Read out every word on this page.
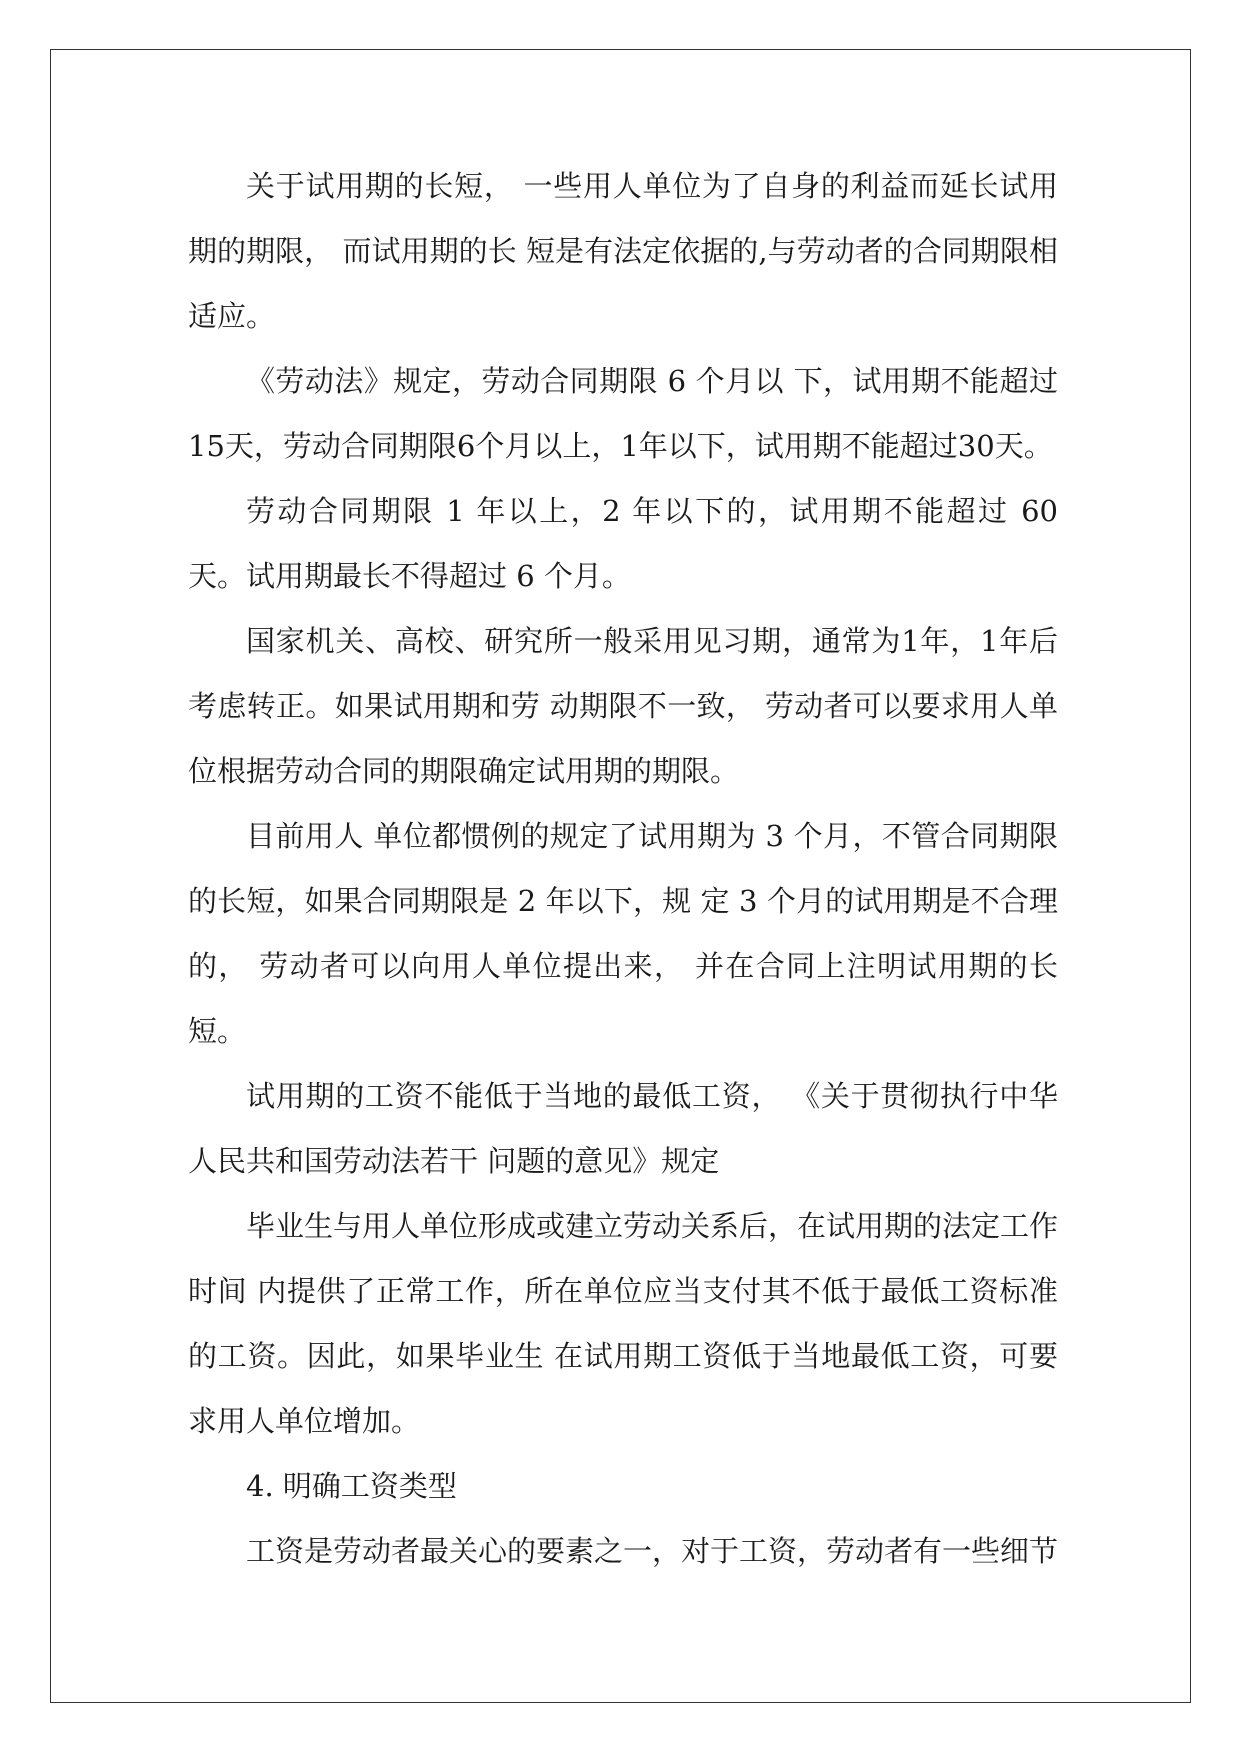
关于试用期的长短， 一些用人单位为了自身的利益而延长试用期的期限， 而试用期的长 短是有法定依据的,与劳动者的合同期限相适应。

《劳动法》规定，劳动合同期限 6 个月以 下，试用期不能超过15天，劳动合同期限6个月以上，1年以下，试用期不能超过30天。

劳动合同期限 1 年以上，2 年以下的，试用期不能超过 60 天。试用期最长不得超过 6 个月。

国家机关、高校、研究所一般采用见习期，通常为1年，1年后考虑转正。如果试用期和劳 动期限不一致， 劳动者可以要求用人单位根据劳动合同的期限确定试用期的期限。

目前用人 单位都惯例的规定了试用期为 3 个月，不管合同期限的长短，如果合同期限是 2 年以下，规 定 3 个月的试用期是不合理的， 劳动者可以向用人单位提出来， 并在合同上注明试用期的长短。

试用期的工资不能低于当地的最低工资， 《关于贯彻执行中华人民共和国劳动法若干 问题的意见》规定

毕业生与用人单位形成或建立劳动关系后，在试用期的法定工作时间 内提供了正常工作，所在单位应当支付其不低于最低工资标准的工资。因此，如果毕业生 在试用期工资低于当地最低工资，可要求用人单位增加。

4. 明确工资类型

工资是劳动者最关心的要素之一，对于工资，劳动者有一些细节
